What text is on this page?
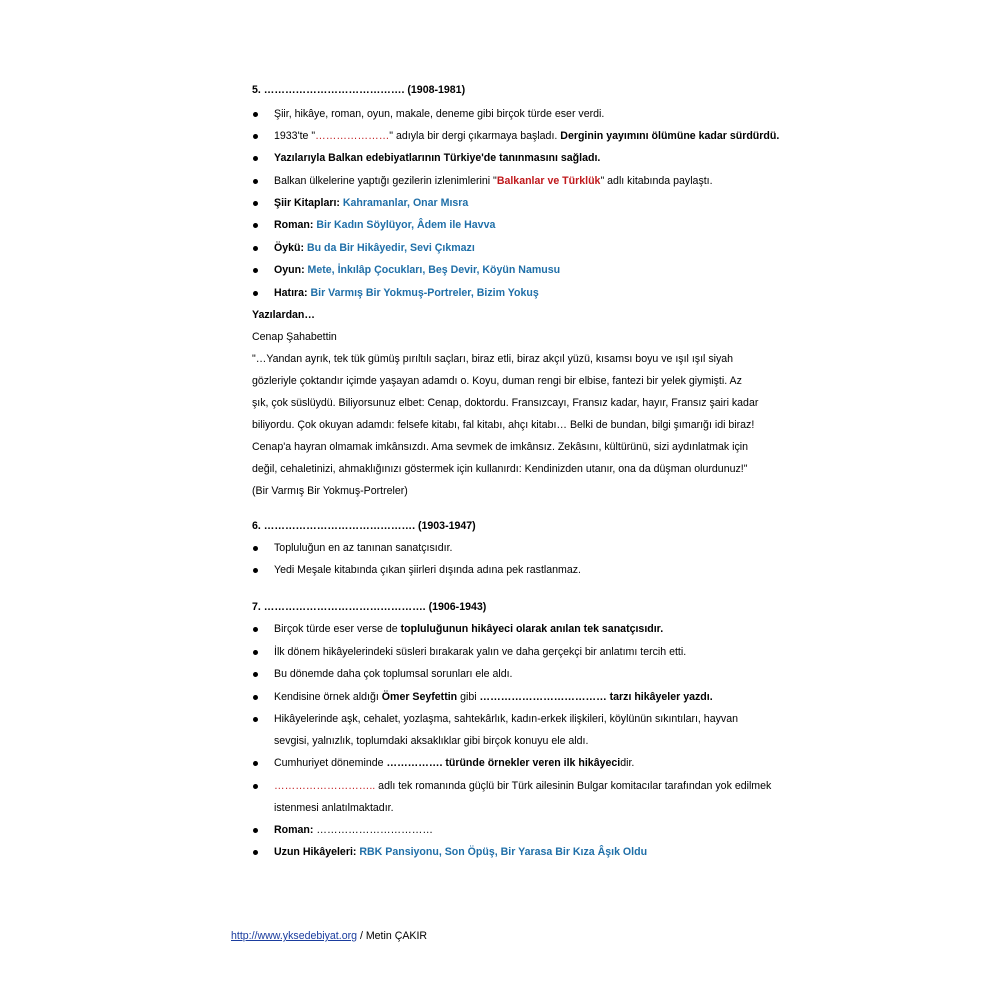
5. …………………………………. (1908-1981)
Şiir, hikâye, roman, oyun, makale, deneme gibi birçok türde eser verdi.
1933'te "…………………" adıyla bir dergi çıkarmaya başladı. Derginin yayımını ölümüne kadar sürdürdü.
Yazılarıyla Balkan edebiyatlarının Türkiye'de tanınmasını sağladı.
Balkan ülkelerine yaptığı gezilerin izlenimlerini "Balkanlar ve Türklük" adlı kitabında paylaştı.
Şiir Kitapları: Kahramanlar, Onar Mısra
Roman: Bir Kadın Söylüyor, Âdem ile Havva
Öykü: Bu da Bir Hikâyedir, Sevi Çıkmazı
Oyun: Mete, İnkılâp Çocukları, Beş Devir, Köyün Namusu
Hatıra: Bir Varmış Bir Yokmuş-Portreler, Bizim Yokuş
Yazılardan…
Cenap Şahabettin
"…Yandan ayrık, tek tük gümüş pırıltılı saçları, biraz etli, biraz akçıl yüzü, kısamsı boyu ve ışıl ışıl siyah
gözleriyle çoktandır içimde yaşayan adamdı o. Koyu, duman rengi bir elbise, fantezi bir yelek giymişti. Az
şık, çok süslüydü. Biliyorsunuz elbet: Cenap, doktordu. Fransızcayı, Fransız kadar, hayır, Fransız şairi kadar
biliyordu. Çok okuyan adamdı: felsefe kitabı, fal kitabı, ahçı kitabı… Belki de bundan, bilgi şımarığı idi biraz!
Cenap'a hayran olmamak imkânsızdı. Ama sevmek de imkânsız. Zekâsını, kültürünü, sizi aydınlatmak için
değil, cehaletinizi, ahmaklığınızı göstermek için kullanırdı: Kendinizden utanır, ona da düşman olurdunuz!"
(Bir Varmış Bir Yokmuş-Portreler)
6. ……………………………………. (1903-1947)
Topluluğun en az tanınan sanatçısıdır.
Yedi Meşale kitabında çıkan şiirleri dışında adına pek rastlanmaz.
7. ………………………………………. (1906-1943)
Birçok türde eser verse de topluluğunun hikâyeci olarak anılan tek sanatçısıdır.
İlk dönem hikâyelerindeki süsleri bırakarak yalın ve daha gerçekçi bir anlatımı tercih etti.
Bu dönemde daha çok toplumsal sorunları ele aldı.
Kendisine örnek aldığı Ömer Seyfettin gibi ……………………………… tarzı hikâyeler yazdı.
Hikâyelerinde aşk, cehalet, yozlaşma, sahtekârlık, kadın-erkek ilişkileri, köylünün sıkıntıları, hayvan
sevgisi, yalnızlık, toplumdaki aksaklıklar gibi birçok konuyu ele aldı.
Cumhuriyet döneminde ……………. türünde örnekler veren ilk hikâyecidir.
……………………….. adlı tek romanında güçlü bir Türk ailesinin Bulgar komitacılar tarafından yok edilmek
istenmesi anlatılmaktadır.
Roman: ……………………………
Uzun Hikâyeleri: RBK Pansiyonu, Son Öpüş, Bir Yarasa Bir Kıza Âşık Oldu
http://www.yksedebiyat.org / Metin ÇAKIR
